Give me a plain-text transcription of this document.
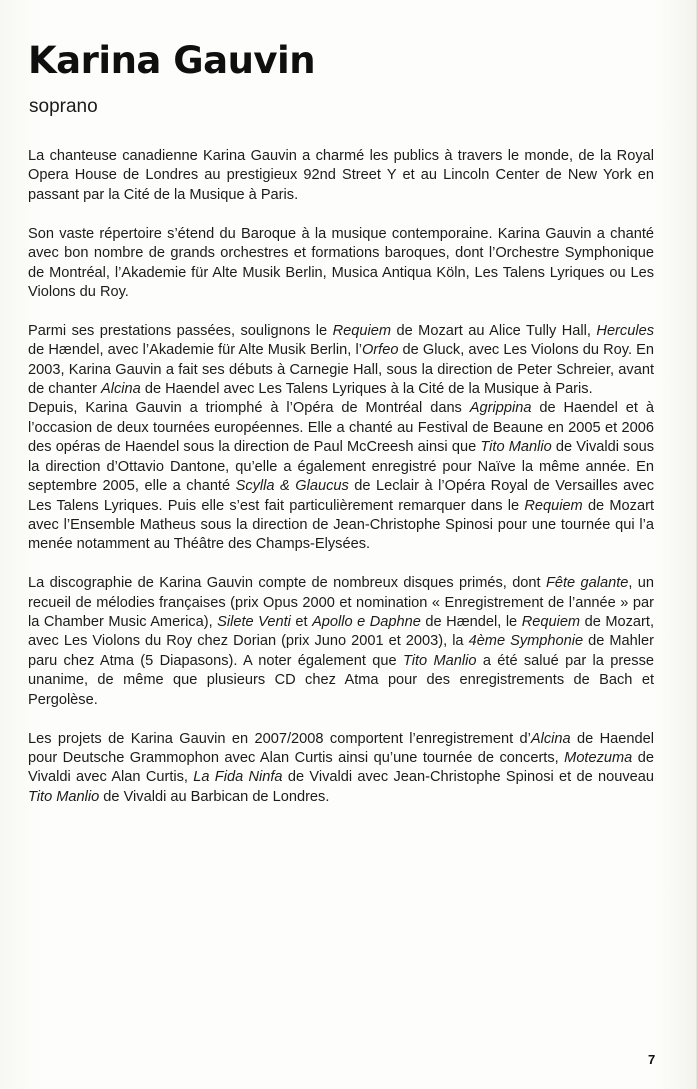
Karina Gauvin

soprano

La chanteuse canadienne Karina Gauvin a charmé les publics à travers le monde, de la Royal Opera House de Londres au prestigieux 92nd Street Y et au Lincoln Center de New York en passant par la Cité de la Musique à Paris.

Son vaste répertoire s’étend du Baroque à la musique contemporaine. Karina Gauvin a chanté avec bon nombre de grands orchestres et formations baroques, dont l’Orchestre Symphonique de Montréal, l’Akademie für Alte Musik Berlin, Musica Antiqua Köln, Les Talens Lyriques ou Les Violons du Roy.

Parmi ses prestations passées, soulignons le Requiem de Mozart au Alice Tully Hall, Hercules de Hændel, avec l’Akademie für Alte Musik Berlin, l’Orfeo de Gluck, avec Les Violons du Roy. En 2003, Karina Gauvin a fait ses débuts à Carnegie Hall, sous la direction de Peter Schreier, avant de chanter Alcina de Haendel avec Les Talens Lyriques à la Cité de la Musique à Paris.

Depuis, Karina Gauvin a triomphé à l’Opéra de Montréal dans Agrippina de Haendel et à l’occasion de deux tournées européennes. Elle a chanté au Festival de Beaune en 2005 et 2006 des opéras de Haendel sous la direction de Paul McCreesh ainsi que Tito Manlio de Vivaldi sous la direction d’Ottavio Dantone, qu’elle a également enregistré pour Naïve la même année. En septembre 2005, elle a chanté Scylla & Glaucus de Leclair à l’Opéra Royal de Versailles avec Les Talens Lyriques. Puis elle s’est fait particulièrement remarquer dans le Requiem de Mozart avec l’Ensemble Matheus sous la direction de Jean-Christophe Spinosi pour une tournée qui l’a menée notamment au Théâtre des Champs-Elysées.

La discographie de Karina Gauvin compte de nombreux disques primés, dont Fête galante, un recueil de mélodies françaises (prix Opus 2000 et nomination « Enregistrement de l’année » par la Chamber Music America), Silete Venti et Apollo e Daphne de Hændel, le Requiem de Mozart, avec Les Violons du Roy chez Dorian (prix Juno 2001 et 2003), la 4ème Symphonie de Mahler paru chez Atma (5 Diapasons). A noter également que Tito Manlio a été salué par la presse unanime, de même que plusieurs CD chez Atma pour des enregistrements de Bach et Pergolèse.

Les projets de Karina Gauvin en 2007/2008 comportent l’enregistrement d’Alcina de Haendel pour Deutsche Grammophon avec Alan Curtis ainsi qu’une tournée de concerts, Motezuma de Vivaldi avec Alan Curtis, La Fida Ninfa de Vivaldi avec Jean-Christophe Spinosi et de nouveau Tito Manlio de Vivaldi au Barbican de Londres.

7
